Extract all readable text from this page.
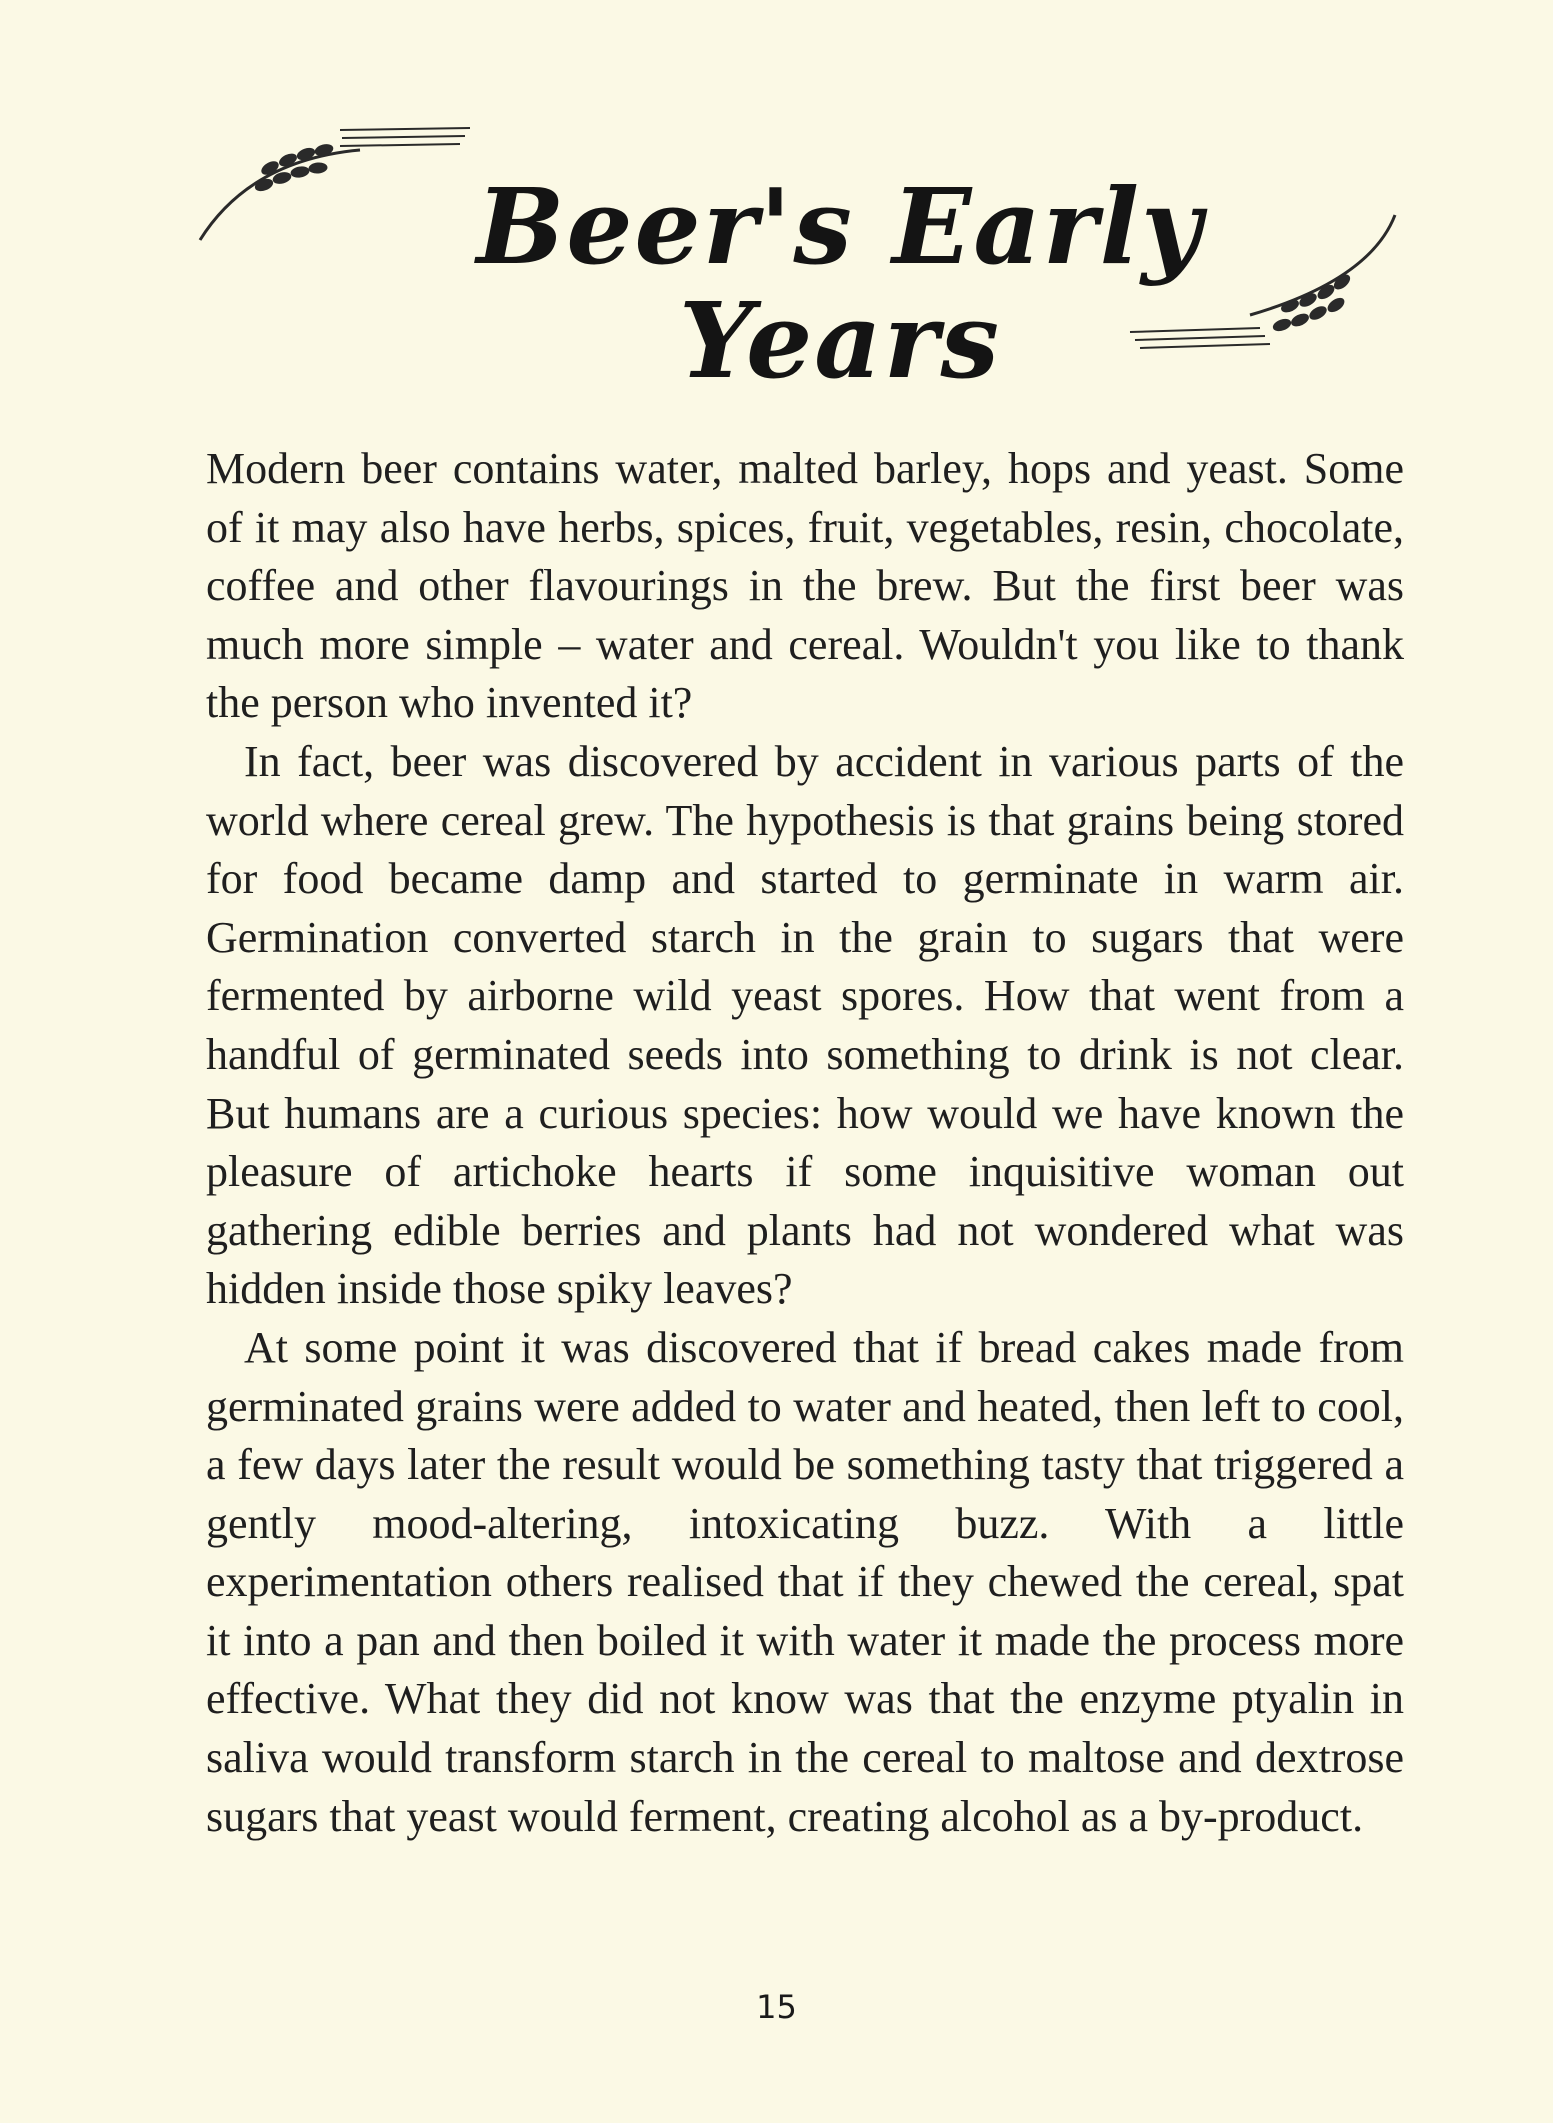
Beer's Early Years

Modern beer contains water, malted barley, hops and yeast. Some of it may also have herbs, spices, fruit, vegetables, resin, chocolate, coffee and other flavourings in the brew. But the first beer was much more simple – water and cereal. Wouldn't you like to thank the person who invented it?

In fact, beer was discovered by accident in various parts of the world where cereal grew. The hypothesis is that grains being stored for food became damp and started to germinate in warm air. Germination converted starch in the grain to sugars that were fermented by airborne wild yeast spores. How that went from a handful of germinated seeds into something to drink is not clear. But humans are a curious species: how would we have known the pleasure of artichoke hearts if some inquisitive woman out gathering edible berries and plants had not wondered what was hidden inside those spiky leaves?

At some point it was discovered that if bread cakes made from germinated grains were added to water and heated, then left to cool, a few days later the result would be something tasty that triggered a gently mood-altering, intoxicating buzz. With a little experimentation others realised that if they chewed the cereal, spat it into a pan and then boiled it with water it made the process more effective. What they did not know was that the enzyme ptyalin in saliva would transform starch in the cereal to maltose and dextrose sugars that yeast would ferment, creating alcohol as a by-product.

15
